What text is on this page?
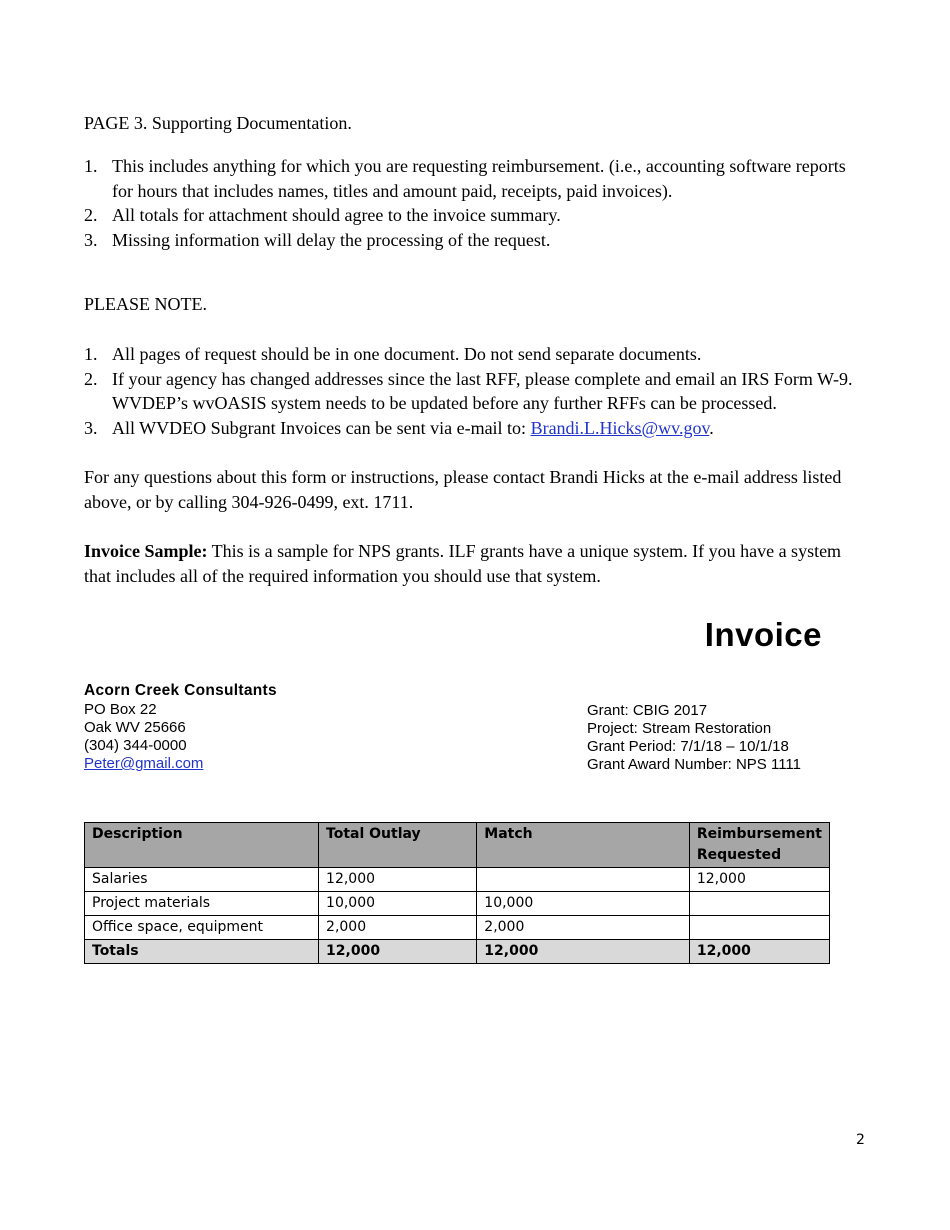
PAGE 3. Supporting Documentation.
1. This includes anything for which you are requesting reimbursement. (i.e., accounting software reports for hours that includes names, titles and amount paid, receipts, paid invoices).
2. All totals for attachment should agree to the invoice summary.
3. Missing information will delay the processing of the request.
PLEASE NOTE.
1. All pages of request should be in one document. Do not send separate documents.
2. If your agency has changed addresses since the last RFF, please complete and email an IRS Form W-9. WVDEP’s wvOASIS system needs to be updated before any further RFFs can be processed.
3. All WVDEO Subgrant Invoices can be sent via e-mail to: Brandi.L.Hicks@wv.gov.
For any questions about this form or instructions, please contact Brandi Hicks at the e-mail address listed above, or by calling 304-926-0499, ext. 1711.
Invoice Sample: This is a sample for NPS grants. ILF grants have a unique system. If you have a system that includes all of the required information you should use that system.
Invoice
Acorn Creek Consultants
PO Box 22
Oak WV 25666
(304) 344-0000
Peter@gmail.com
Grant: CBIG 2017
Project: Stream Restoration
Grant Period: 7/1/18 – 10/1/18
Grant Award Number: NPS 1111
Description	Total Outlay	Match	Reimbursement Requested
Salaries	12,000		12,000
Project materials	10,000	10,000	
Office space, equipment	2,000	2,000	
Totals	12,000	12,000	12,000
2
